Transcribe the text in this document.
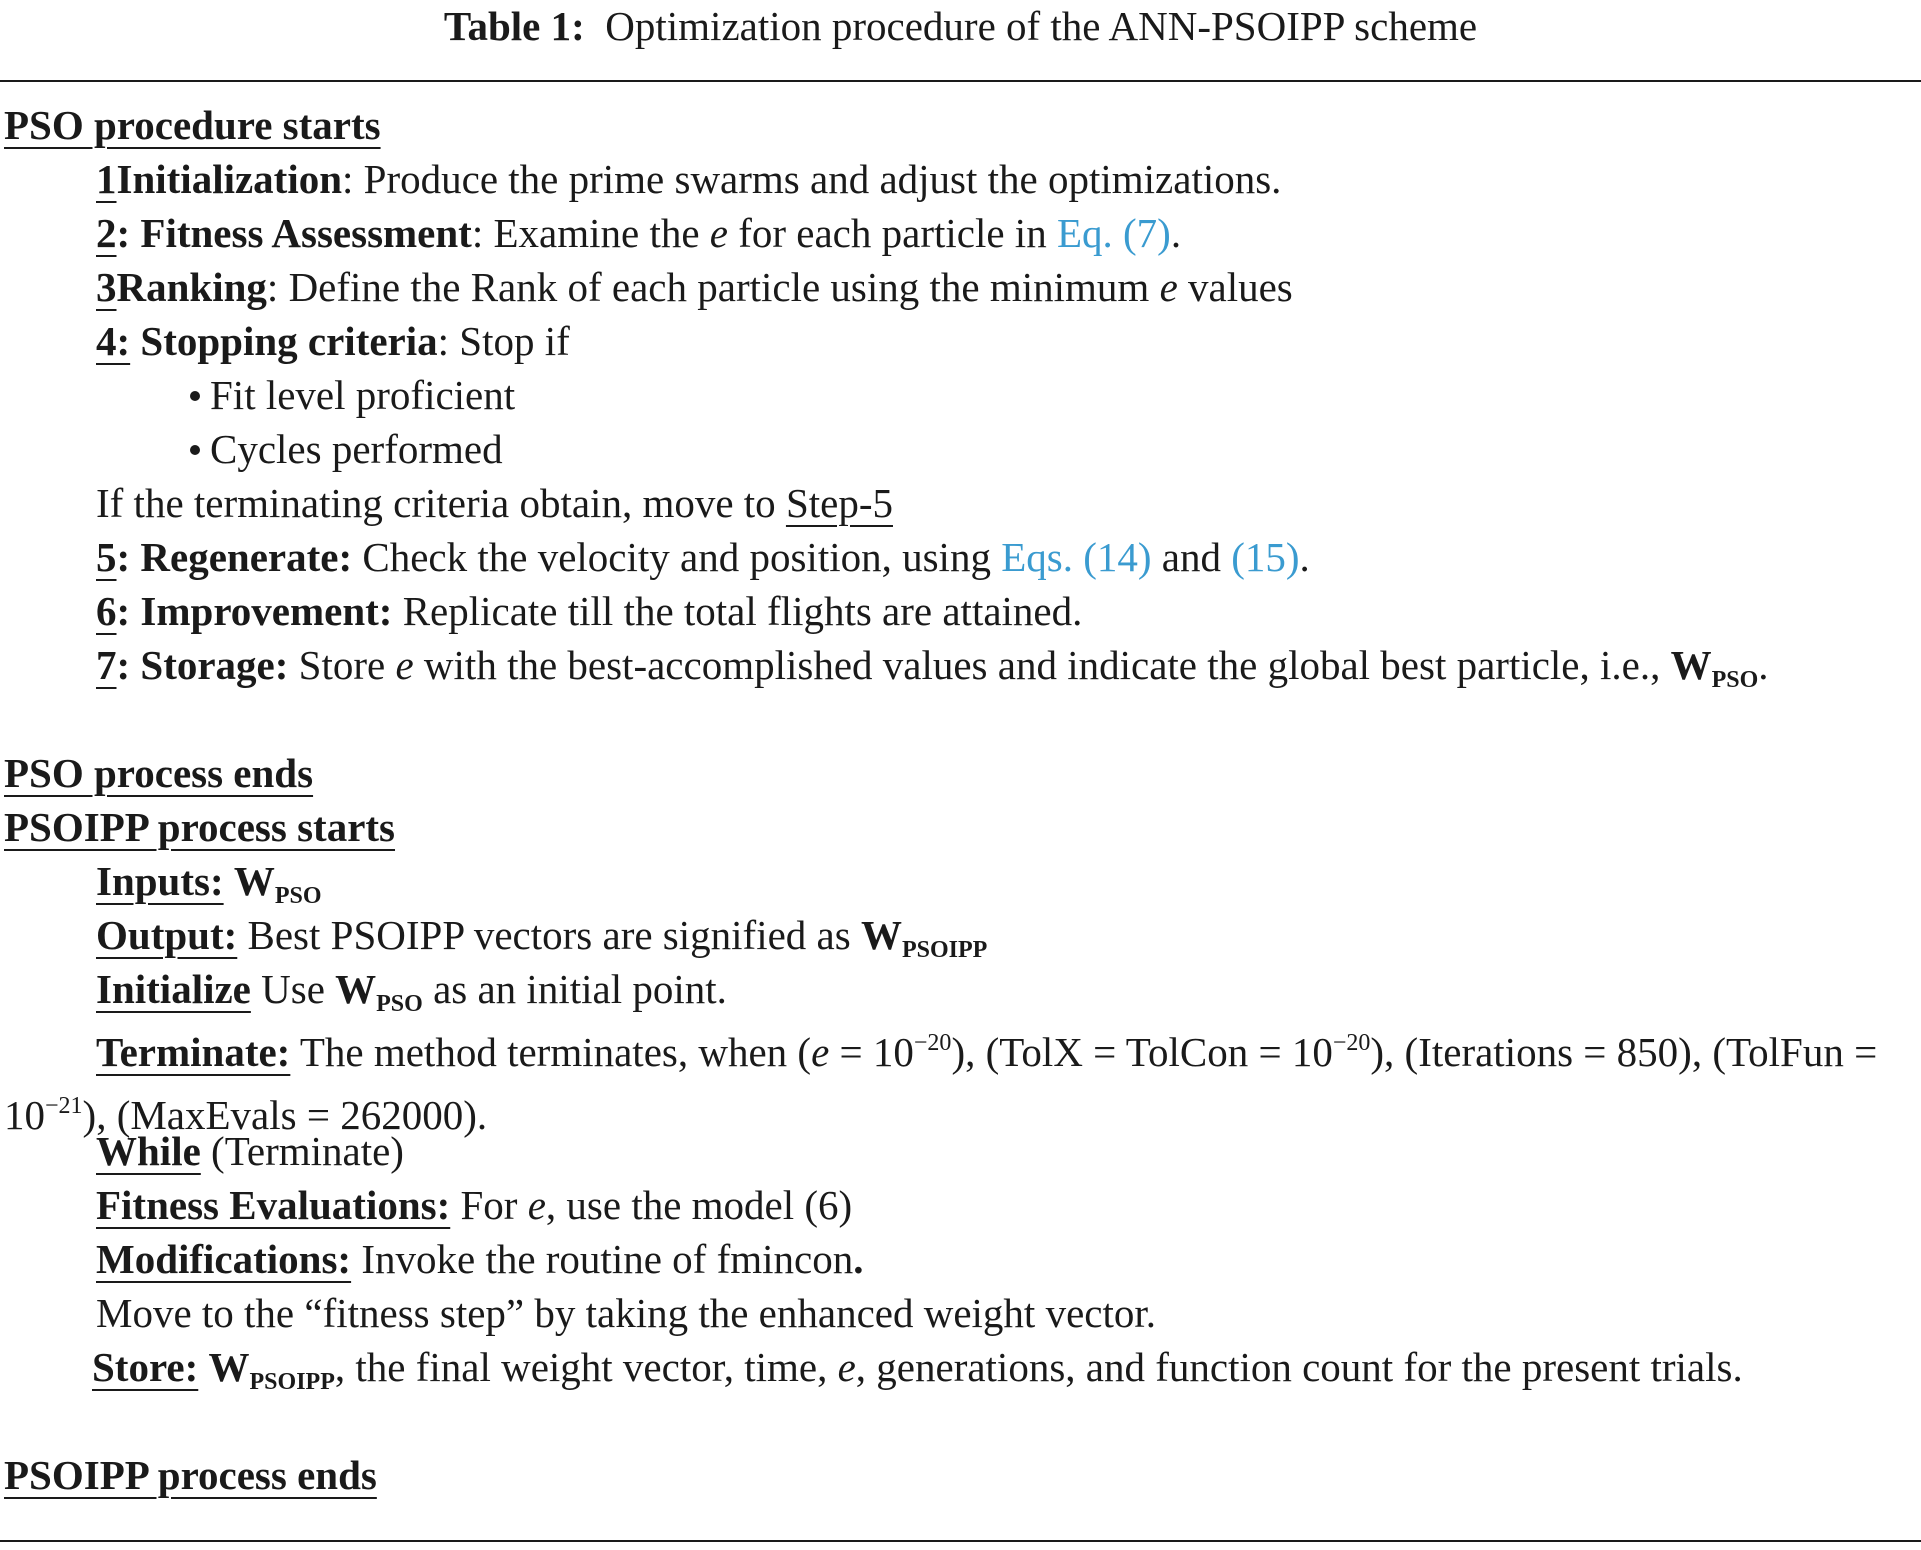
Table 1: Optimization procedure of the ANN-PSOIPP scheme
PSO procedure starts
1Initialization: Produce the prime swarms and adjust the optimizations.
2: Fitness Assessment: Examine the e for each particle in Eq. (7).
3Ranking: Define the Rank of each particle using the minimum e values
4: Stopping criteria: Stop if
Fit level proficient
Cycles performed
If the terminating criteria obtain, move to Step-5
5: Regenerate: Check the velocity and position, using Eqs. (14) and (15).
6: Improvement: Replicate till the total flights are attained.
7: Storage: Store e with the best-accomplished values and indicate the global best particle, i.e., $W_{PSO}$.
PSO process ends
PSOIPP process starts
Inputs: $W_{PSO}$
Output: Best PSOIPP vectors are signified as $W_{PSOIPP}$
Initialize Use $W_{PSO}$ as an initial point.
Terminate: The method terminates, when $(e = 10^{-20})$, (TolX = TolCon = $10^{-20}$), (Iterations = 850), (TolFun = $10^{-21}$), (MaxEvals = 262000).
While (Terminate)
Fitness Evaluations: For e, use the model (6)
Modifications: Invoke the routine of fmincon.
Move to the “fitness step” by taking the enhanced weight vector.
Store: $W_{PSOIPP}$, the final weight vector, time, e, generations, and function count for the present trials.
PSOIPP process ends
